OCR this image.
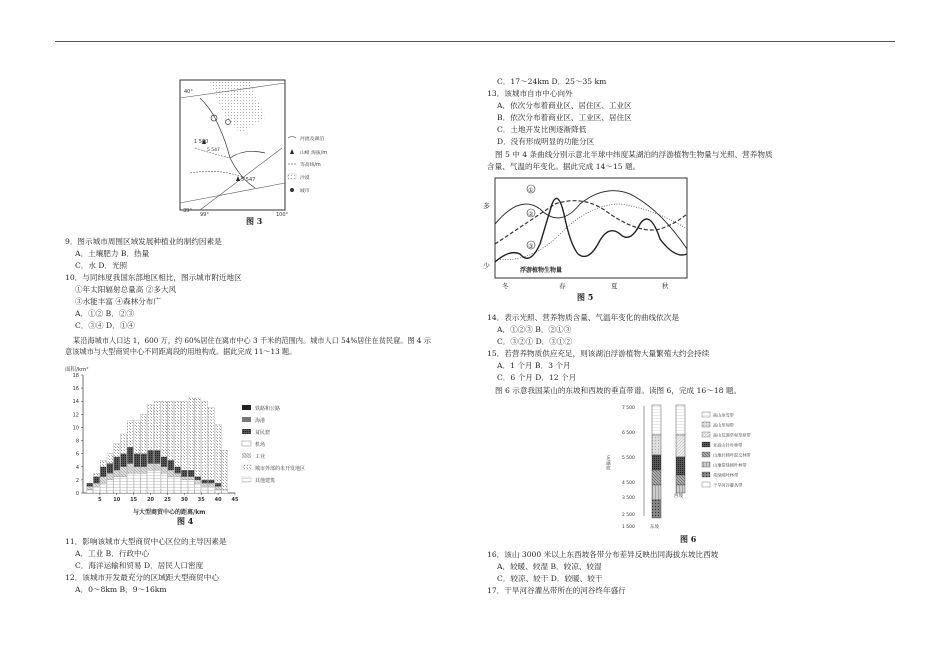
40°
39°
99°	100°
1 500
5 547
5 547
河流及湖泊
山峰 海拔/m
等高线/m
沙漠
城市
图 3
9．图示城市周围区域发展种植业的制约因素是
A．土壤肥力 B．热量
C．水 D．光照
10．与同纬度我国东部地区相比，图示城市附近地区
①年太阳辐射总量高 ②多大风
③水能丰富 ④森林分布广
A．①② B．②③
C．③④ D．①④
某沿海城市人口达 1，600 万，约 60%居住在离市中心 3 千米的范围内。城市人口 54%居住在贫民窟。图 4 示
意该城市与大型商贸中心不同距离段的用地构成。据此完成 11～13 题。
0
2
4
6
8
10
12
14
16
18
5 10 15 20 25 30 35 40 45
面积/km²
与大型商贸中心的距离/km
铁路和公路
海港
贫民窟
机场
工业
城市外部的未开发地区
其他建筑
图 4
11．影响该城市大型商贸中心区位的主导因素是
A．工业 B．行政中心
C．海洋运输和贸易 D．居民人口密度
12．该城市开发最充分的区域距大型商贸中心
A．0～8km B．9～16km
C．17～24km D．25～35 km
13．该城市自市中心向外
A．依次分布着商业区、居住区、工业区
B．依次分布着商业区、工业区、居住区
C．土地开发比例逐渐降低
D．没有形成明显的功能分区
图 5 中 4 条曲线分别示意北半球中纬度某湖泊的浮游植物生物量与光照、营养物质
含量、气温的年变化。据此完成 14～15 题。
①
②
③
浮游植物生物量
多
少
冬	春	夏	秋
图 5
14．表示光照、营养物质含量、气温年变化的曲线依次是
A．①②③ B．②①③
C．③②① D．③①②
15．若营养物质供应充足，则该湖泊浮游植物大量繁殖大约会持续
A．1 个月 B．3 个月
C．6 个月 D．12 个月
图 6 示意我国某山的东坡和西坡的垂直带谱。读图 6，完成 16～18 题。
7 500
6 500
5 500
4 500
3 500
2 500
1 500
海拔/m
东坡
西坡
高山冰雪带
高山草甸带
高山荒漠草甸草原带
亚高山针叶林带
山地针阔叶混交林带
山地常绿阔叶林带
常绿阔叶林带
干旱河谷灌丛带
图 6
16．该山 3000 米以上东西坡各带分布差异反映出同海拔东坡比西坡
A．较暖、较湿 B．较凉、较湿
C．较凉、较干 D．较暖、较干
17．干旱河谷灌丛带所在的河谷终年盛行
